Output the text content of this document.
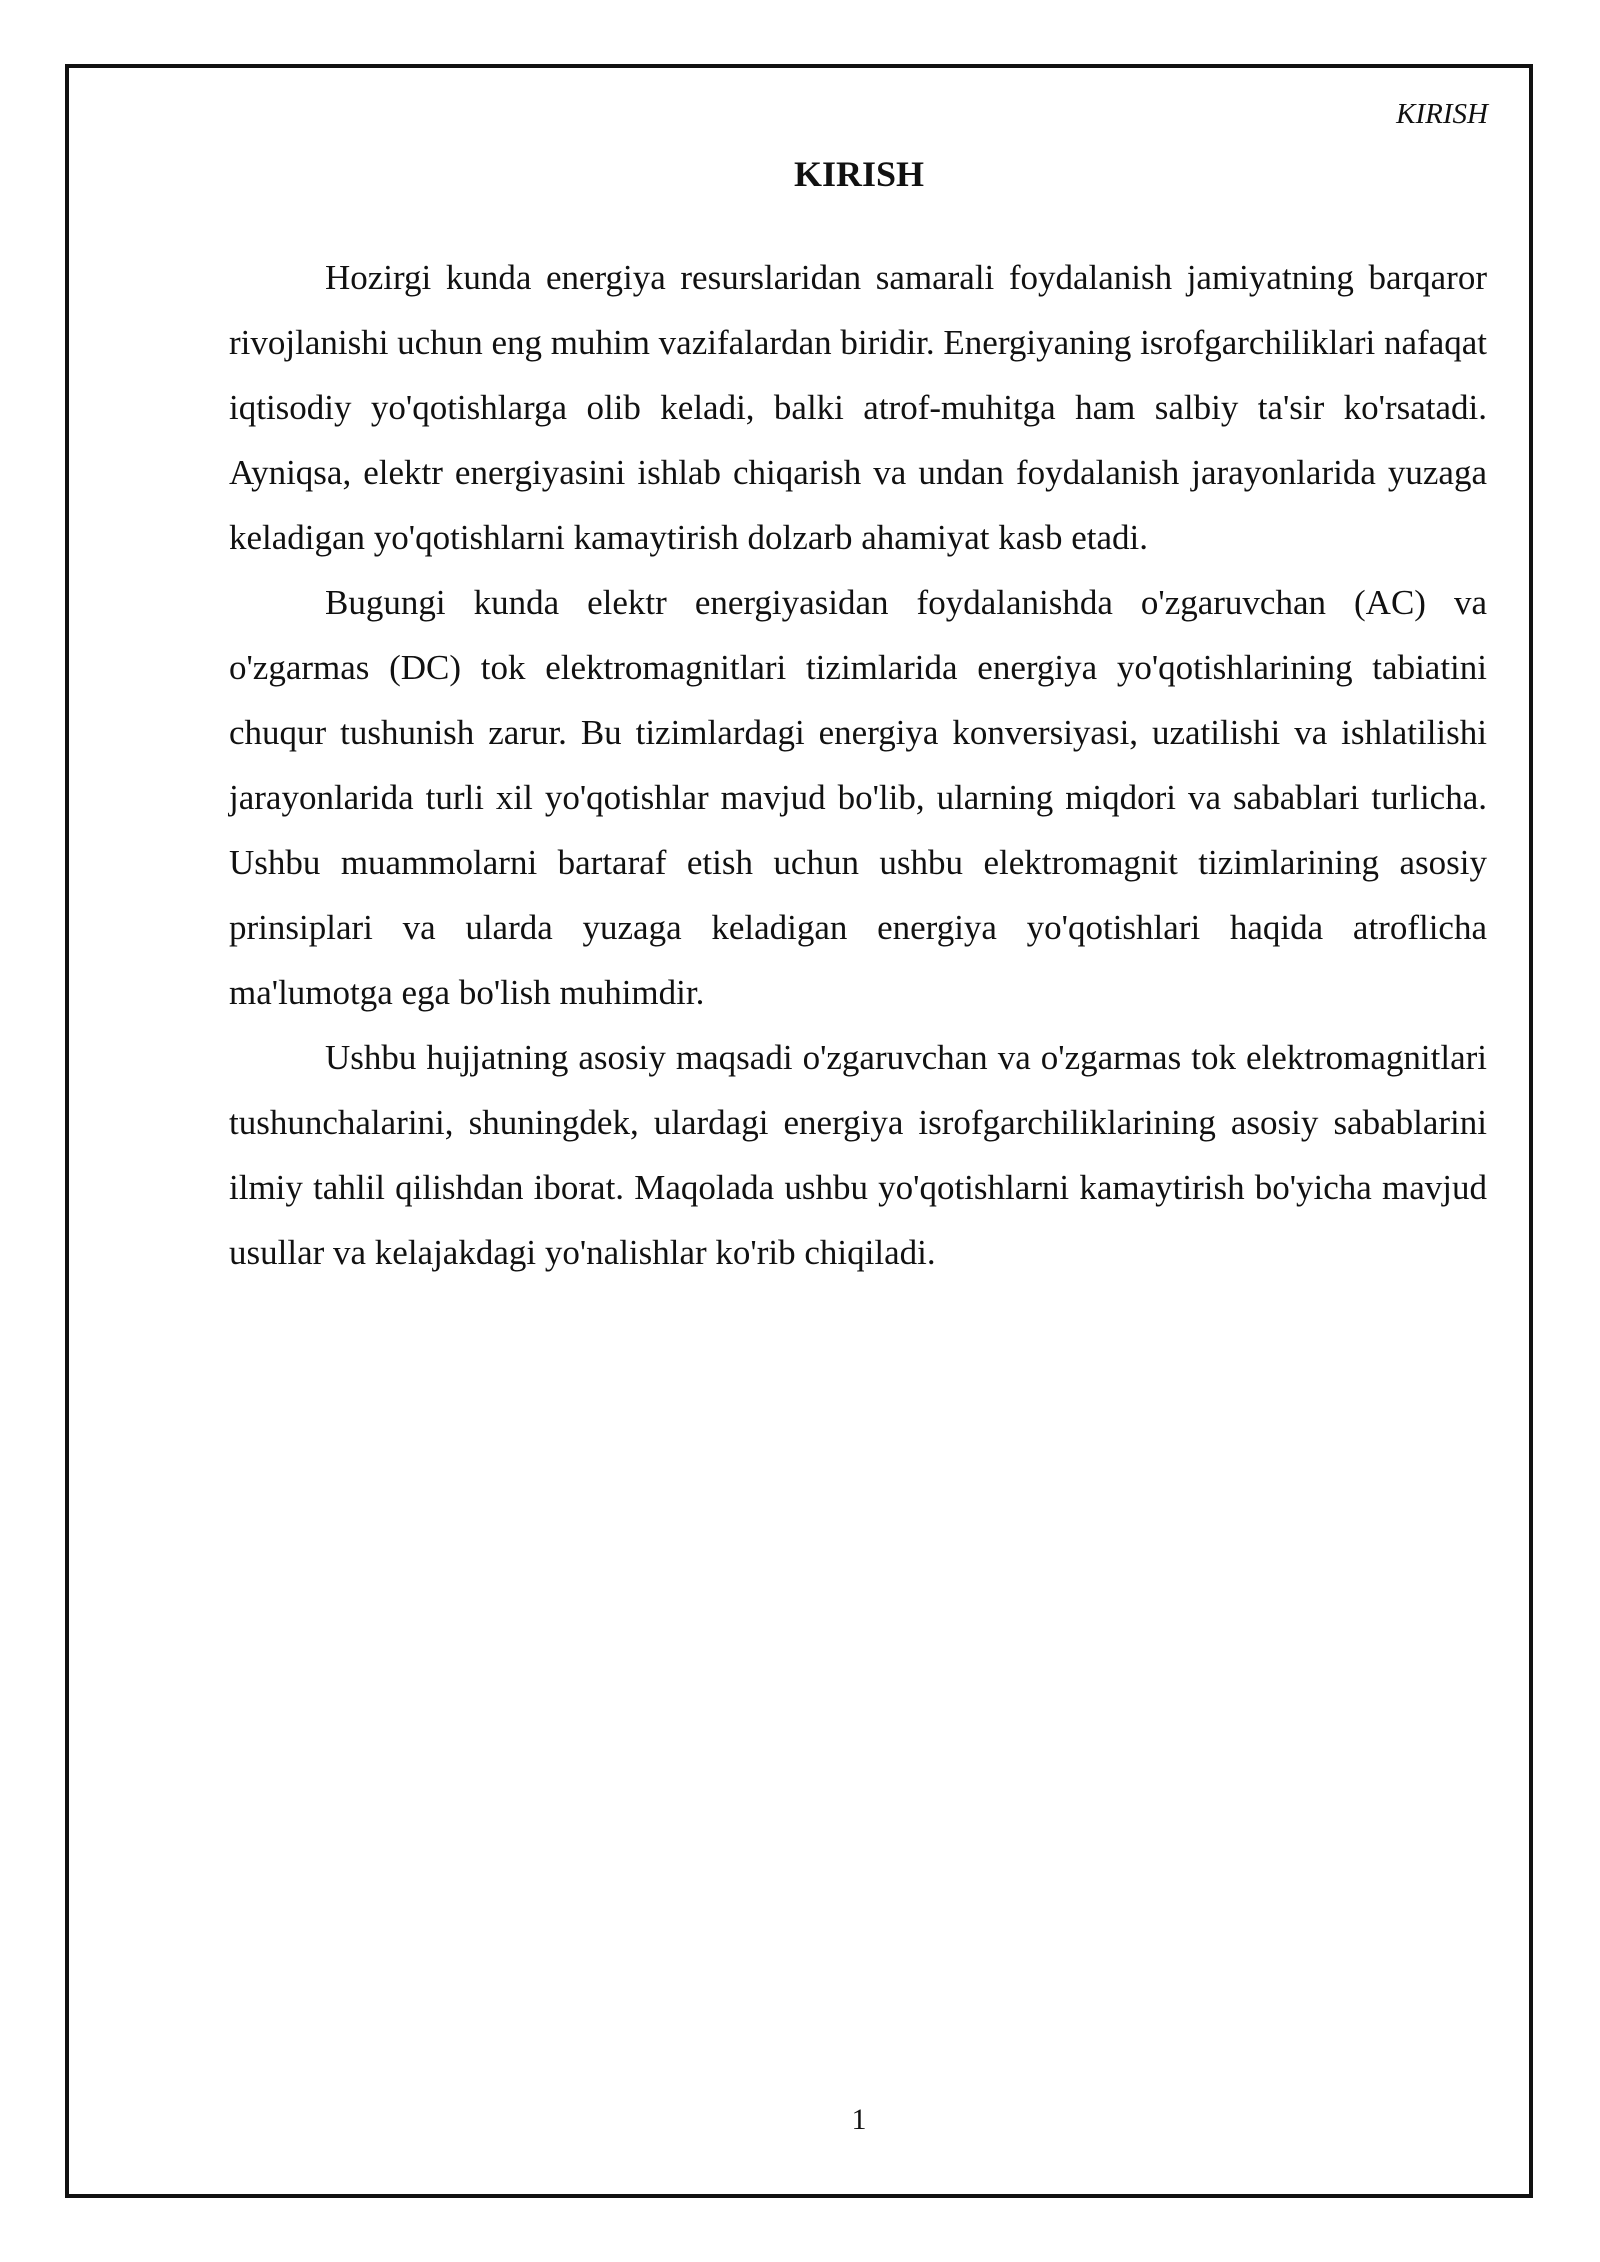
KIRISH

KIRISH

Hozirgi kunda energiya resurslaridan samarali foydalanish jamiyatning barqaror rivojlanishi uchun eng muhim vazifalardan biridir. Energiyaning isrofgarchiliklari nafaqat iqtisodiy yo'qotishlarga olib keladi, balki atrof-muhitga ham salbiy ta'sir ko'rsatadi. Ayniqsa, elektr energiyasini ishlab chiqarish va undan foydalanish jarayonlarida yuzaga keladigan yo'qotishlarni kamaytirish dolzarb ahamiyat kasb etadi.

Bugungi kunda elektr energiyasidan foydalanishda o'zgaruvchan (AC) va o'zgarmas (DC) tok elektromagnitlari tizimlarida energiya yo'qotishlarining tabiatini chuqur tushunish zarur. Bu tizimlardagi energiya konversiyasi, uzatilishi va ishlatilishi jarayonlarida turli xil yo'qotishlar mavjud bo'lib, ularning miqdori va sabablari turlicha. Ushbu muammolarni bartaraf etish uchun ushbu elektromagnit tizimlarining asosiy prinsiplari va ularda yuzaga keladigan energiya yo'qotishlari haqida atroflicha ma'lumotga ega bo'lish muhimdir.

Ushbu hujjatning asosiy maqsadi o'zgaruvchan va o'zgarmas tok elektromagnitlari tushunchalarini, shuningdek, ulardagi energiya isrofgarchiliklarining asosiy sabablarini ilmiy tahlil qilishdan iborat. Maqolada ushbu yo'qotishlarni kamaytirish bo'yicha mavjud usullar va kelajakdagi yo'nalishlar ko'rib chiqiladi.

1
